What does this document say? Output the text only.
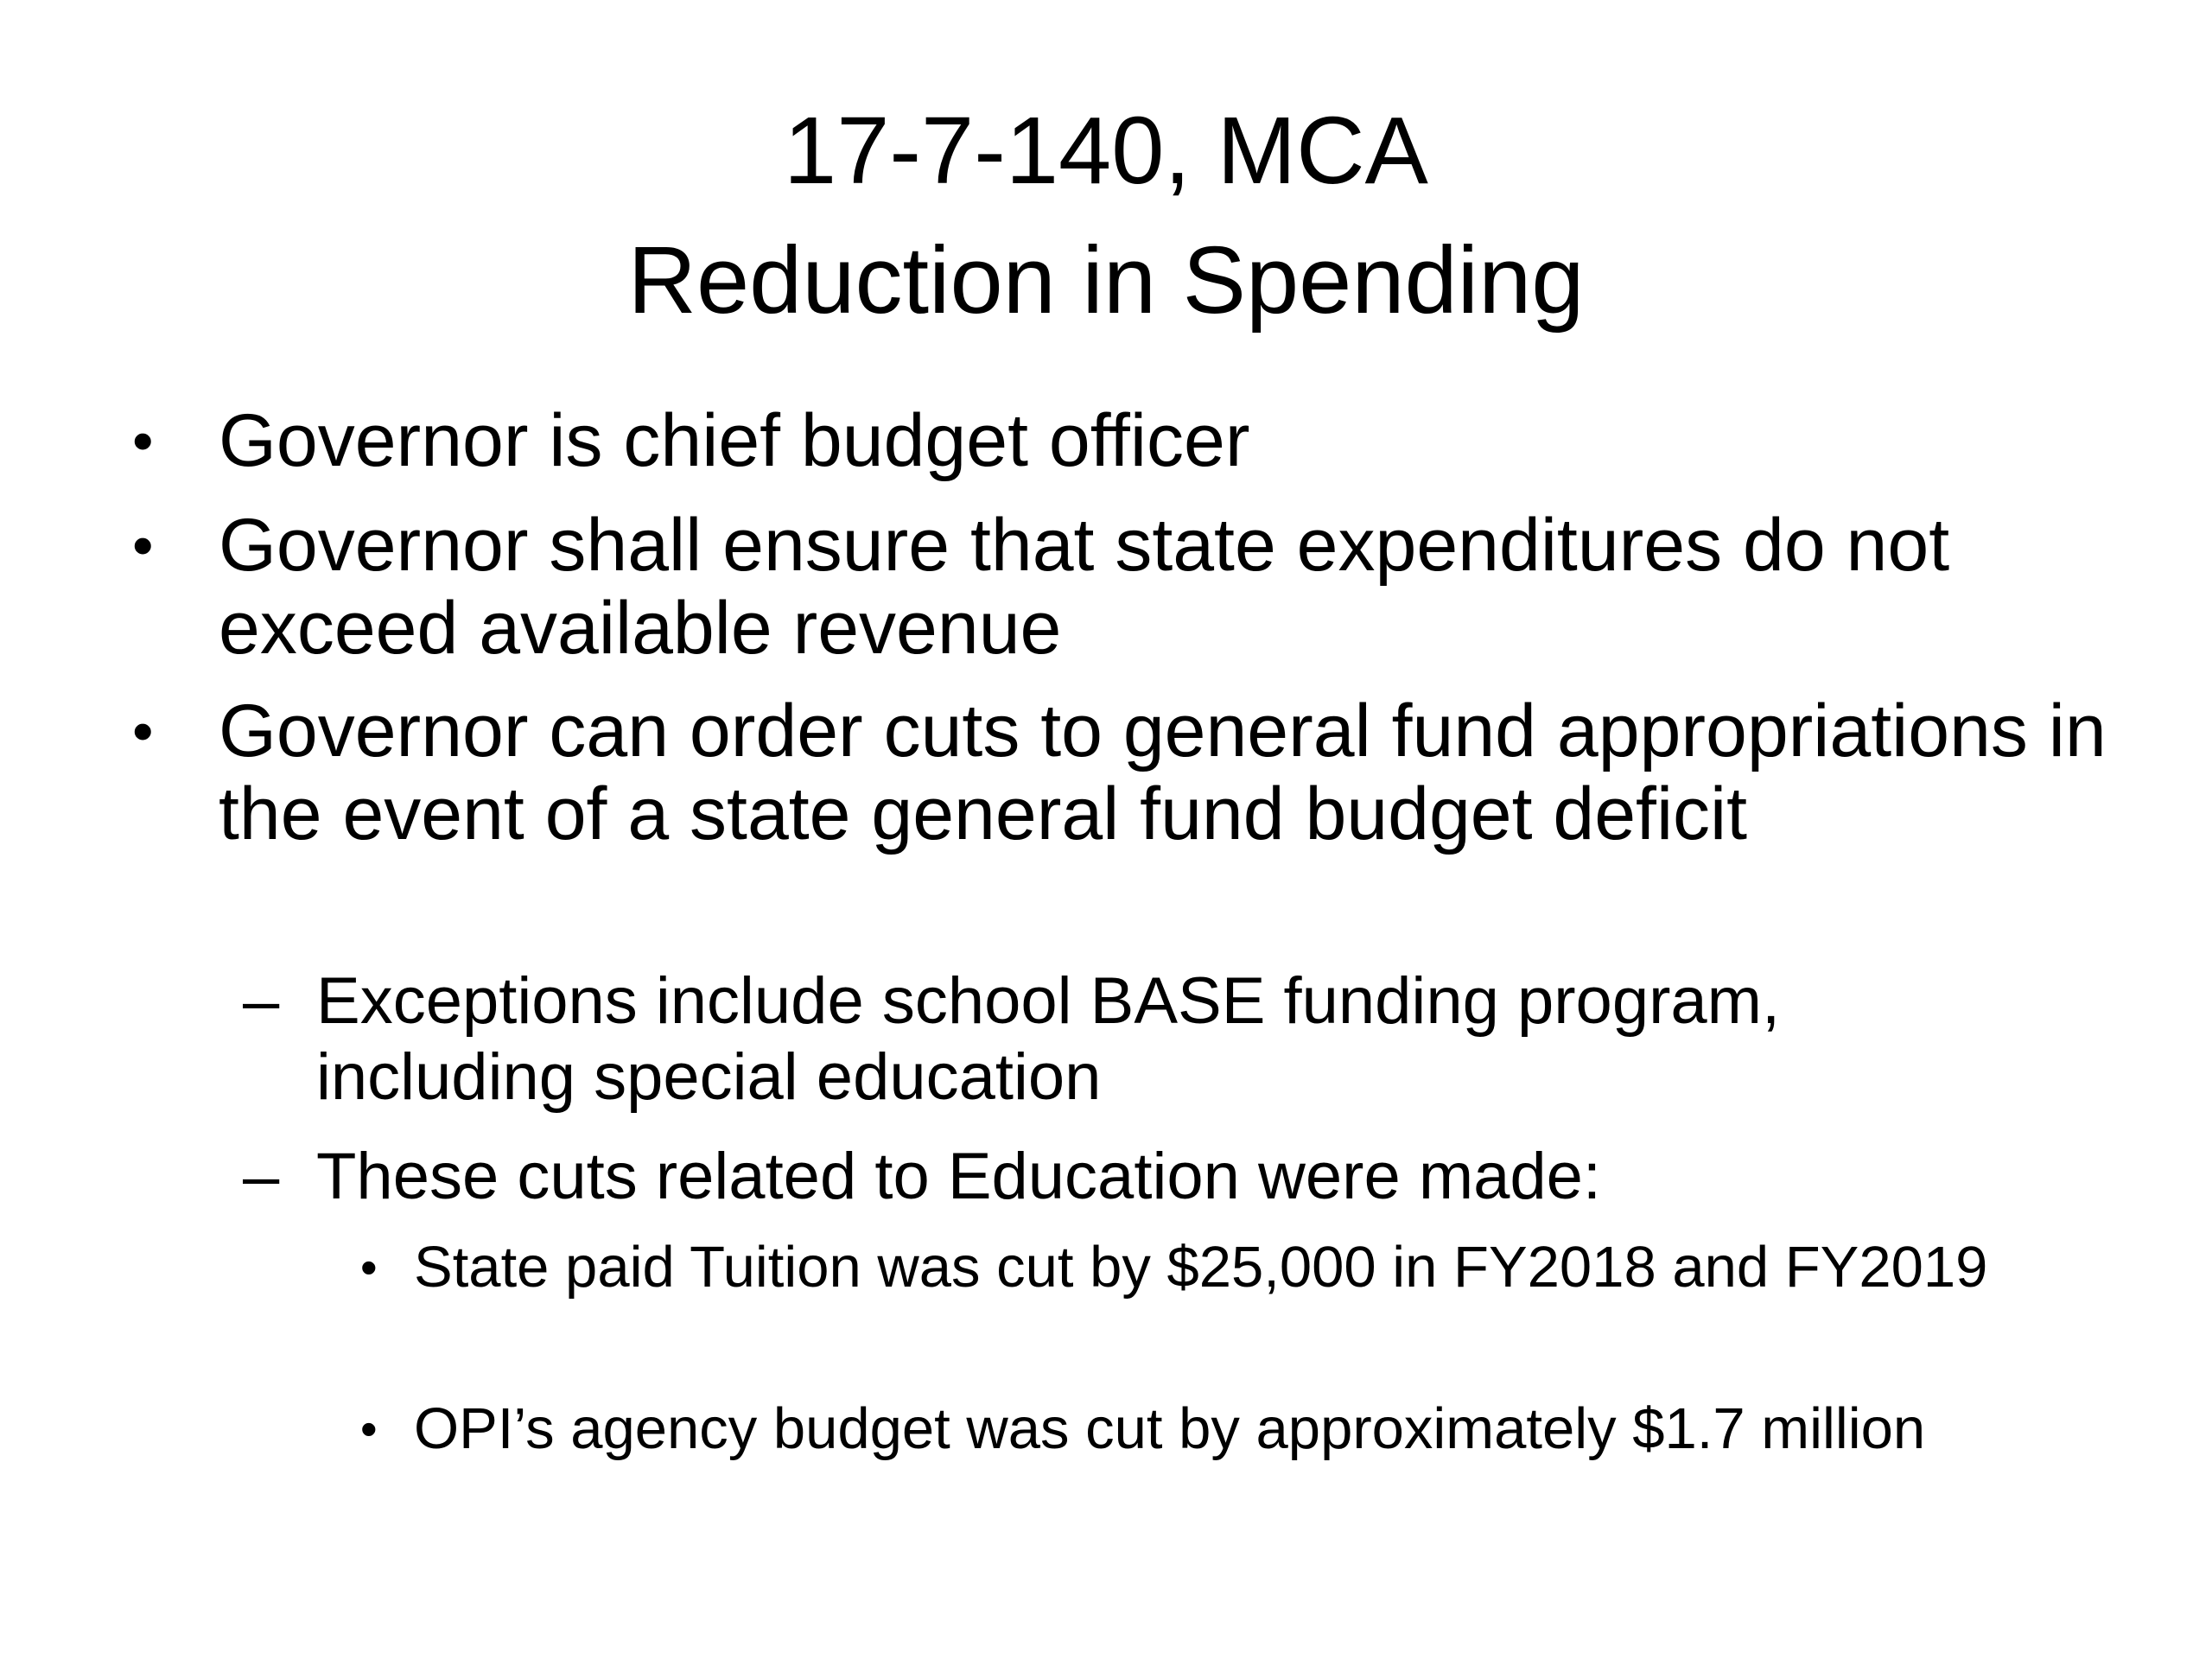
17-7-140, MCA
Reduction in Spending
• Governor is chief budget officer
• Governor shall ensure that state expenditures do not exceed available revenue
• Governor can order cuts to general fund appropriations in the event of a state general fund budget deficit
– Exceptions include school BASE funding program, including special education
– These cuts related to Education were made:
• State paid Tuition was cut by $25,000 in FY2018 and FY2019
• OPI’s agency budget was cut by approximately $1.7 million
